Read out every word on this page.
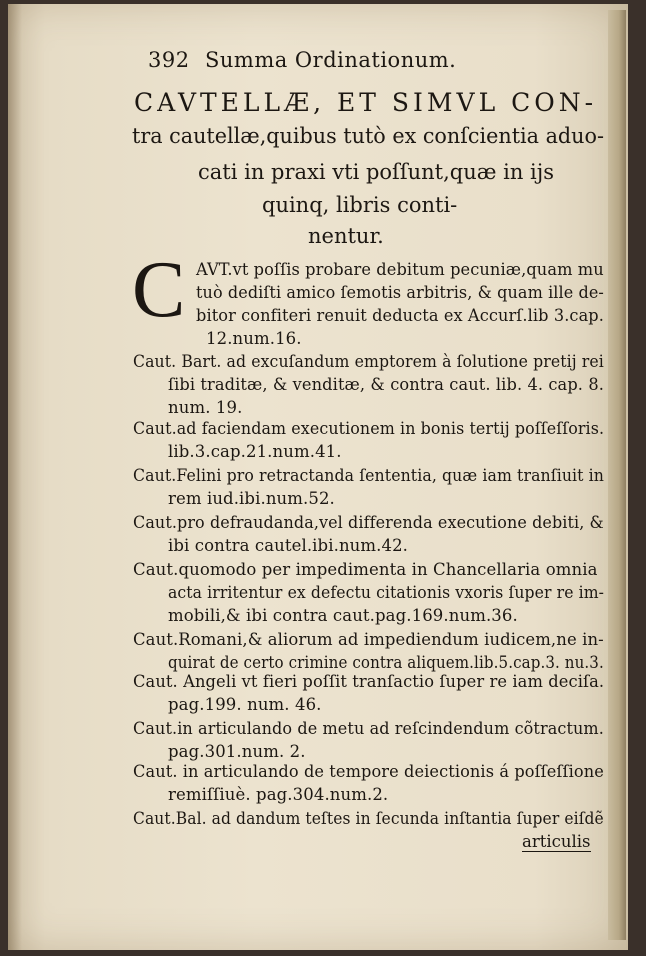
392 Summa Ordinationum.
CAVTELLÆ, ET SIMVL CON-
tra cautellæ,quibus tutò ex conſcientia aduo-
cati in praxi vti poſſunt,quæ in ijs
quinq, libris conti-
nentur.
C AVT.vt poſſis probare debitum pecuniæ,quam mu
tuò dediſti amico ſemotis arbitris, & quam ille de-
bitor confiteri renuit deducta ex Accurſ.lib 3.cap.
12.num.16.
Caut. Bart. ad excuſandum emptorem à ſolutione pretij rei
ſibi traditæ, & venditæ, & contra caut. lib. 4. cap. 8.
num. 19.
Caut.ad faciendam executionem in bonis tertij poſſeſſoris.
lib.3.cap.21.num.41.
Caut.Felini pro retractanda ſententia, quæ iam tranſiuit in
rem iud.ibi.num.52.
Caut.pro defraudanda,vel differenda executione debiti, &
ibi contra cautel.ibi.num.42.
Caut.quomodo per impedimenta in Chancellaria omnia
acta irritentur ex defectu citationis vxoris ſuper re im-
mobili,& ibi contra caut.pag.169.num.36.
Caut.Romani,& aliorum ad impediendum iudicem,ne in-
quirat de certo crimine contra aliquem.lib.5.cap.3. nu.3.
Caut. Angeli vt fieri poſſit tranſactio ſuper re iam deciſa.
pag.199. num. 46.
Caut.in articulando de metu ad reſcindendum cõtractum.
pag.301.num. 2.
Caut. in articulando de tempore deiectionis á poſſeſſione
remiſſiuè. pag.304.num.2.
Caut.Bal. ad dandum teſtes in ſecunda inſtantia ſuper eiſdẽ
articulis
